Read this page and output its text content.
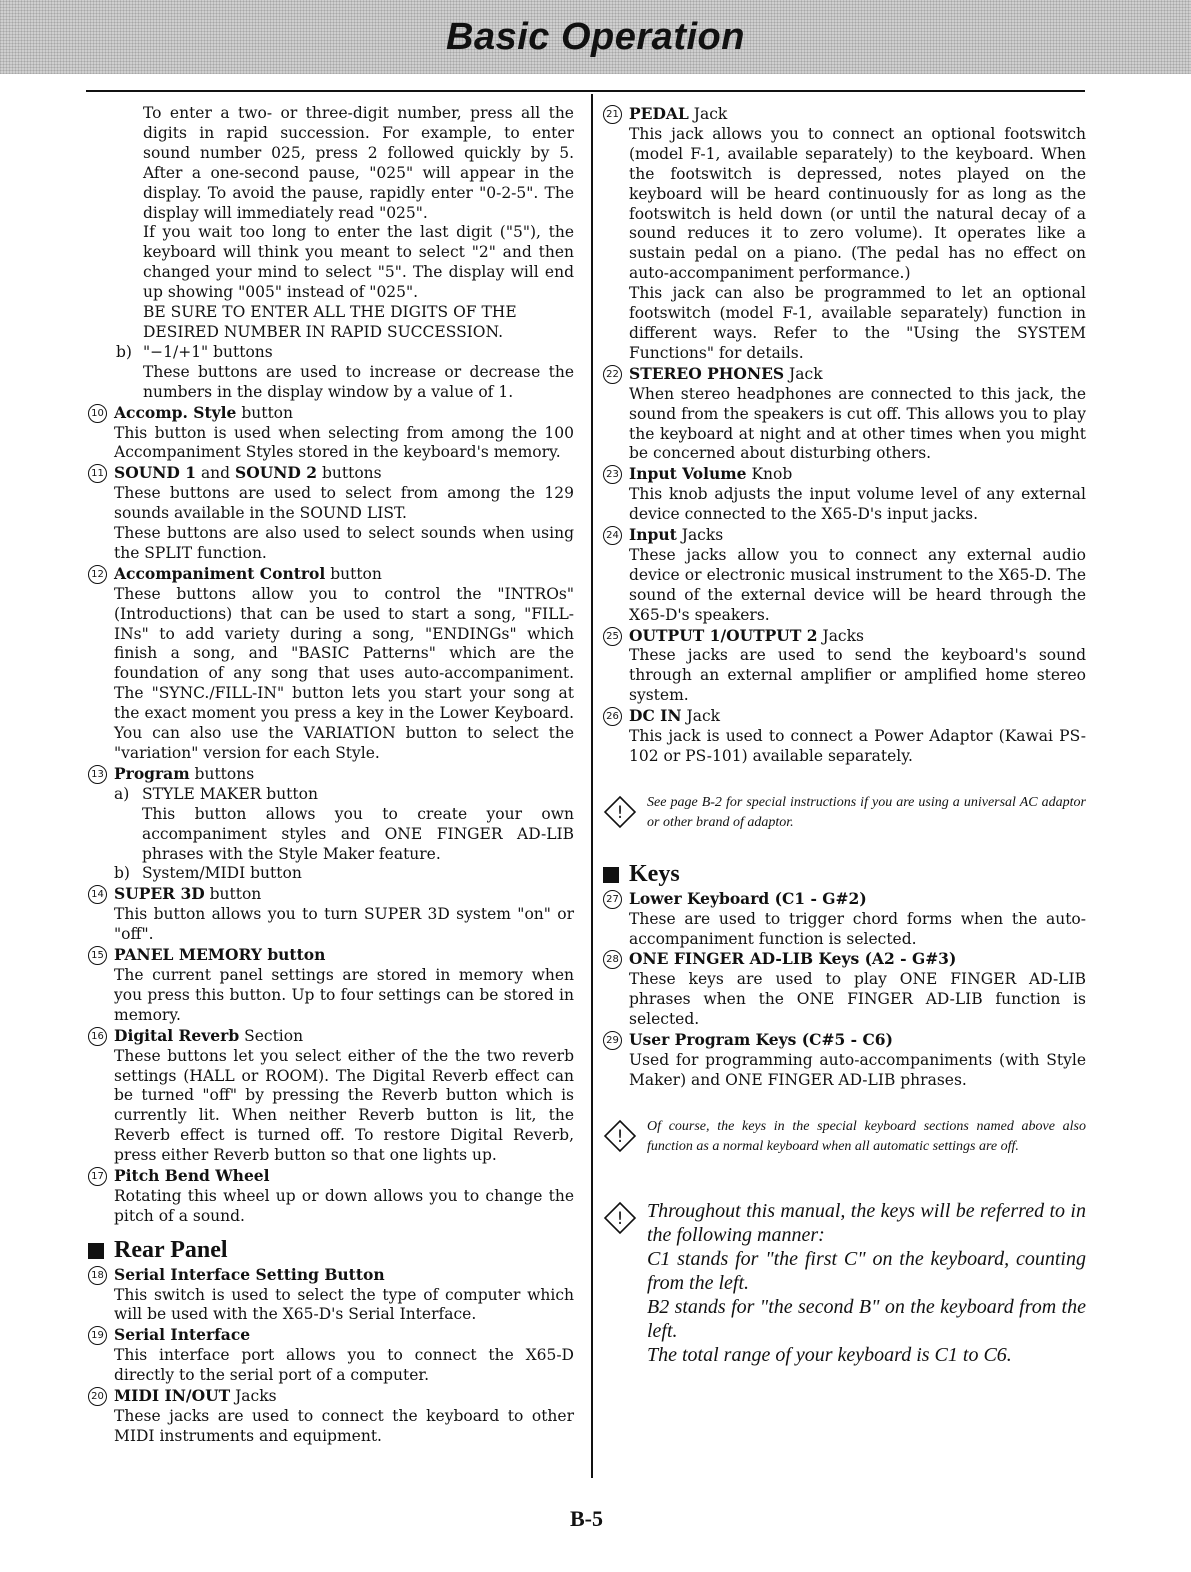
Basic Operation

To enter a two- or three-digit number, press all the digits in rapid succession. For example, to enter sound number 025, press 2 followed quickly by 5. After a one-second pause, "025" will appear in the display. To avoid the pause, rapidly enter "0-2-5". The display will immediately read "025".

If you wait too long to enter the last digit ("5"), the keyboard will think you meant to select "2" and then changed your mind to select "5". The display will end up showing "005" instead of "025".

BE SURE TO ENTER ALL THE DIGITS OF THE DESIRED NUMBER IN RAPID SUCCESSION.

b) "−1/+1" buttons

These buttons are used to increase or decrease the numbers in the display window by a value of 1.

10 Accomp. Style button

This button is used when selecting from among the 100 Accompaniment Styles stored in the keyboard's memory.

11 SOUND 1 and SOUND 2 buttons

These buttons are used to select from among the 129 sounds available in the SOUND LIST.

These buttons are also used to select sounds when using the SPLIT function.

12 Accompaniment Control button

These buttons allow you to control the "INTROs" (Introductions) that can be used to start a song, "FILL-INs" to add variety during a song, "ENDINGs" which finish a song, and "BASIC Patterns" which are the foundation of any song that uses auto-accompaniment. The "SYNC./FILL-IN" button lets you start your song at the exact moment you press a key in the Lower Keyboard. You can also use the VARIATION button to select the "variation" version for each Style.

13 Program buttons
a) STYLE MAKER button

This button allows you to create your own accompaniment styles and ONE FINGER AD-LIB phrases with the Style Maker feature.

b) System/MIDI button
14 SUPER 3D button

This button allows you to turn SUPER 3D system "on" or "off".

15 PANEL MEMORY button

The current panel settings are stored in memory when you press this button. Up to four settings can be stored in memory.

16 Digital Reverb Section

These buttons let you select either of the the two reverb settings (HALL or ROOM). The Digital Reverb effect can be turned "off" by pressing the Reverb button which is currently lit. When neither Reverb button is lit, the Reverb effect is turned off. To restore Digital Reverb, press either Reverb button so that one lights up.

17 Pitch Bend Wheel

Rotating this wheel up or down allows you to change the pitch of a sound.

Rear Panel
18 Serial Interface Setting Button

This switch is used to select the type of computer which will be used with the X65-D's Serial Interface.

19 Serial Interface

This interface port allows you to connect the X65-D directly to the serial port of a computer.

20 MIDI IN/OUT Jacks

These jacks are used to connect the keyboard to other MIDI instruments and equipment.

21 PEDAL Jack

This jack allows you to connect an optional footswitch (model F-1, available separately) to the keyboard. When the footswitch is depressed, notes played on the keyboard will be heard continuously for as long as the footswitch is held down (or until the natural decay of a sound reduces it to zero volume). It operates like a sustain pedal on a piano. (The pedal has no effect on auto-accompaniment performance.)

This jack can also be programmed to let an optional footswitch (model F-1, available separately) function in different ways. Refer to the "Using the SYSTEM Functions" for details.

22 STEREO PHONES Jack

When stereo headphones are connected to this jack, the sound from the speakers is cut off. This allows you to play the keyboard at night and at other times when you might be concerned about disturbing others.

23 Input Volume Knob

This knob adjusts the input volume level of any external device connected to the X65-D's input jacks.

24 Input Jacks

These jacks allow you to connect any external audio device or electronic musical instrument to the X65-D. The sound of the external device will be heard through the X65-D's speakers.

25 OUTPUT 1/OUTPUT 2 Jacks

These jacks are used to send the keyboard's sound through an external amplifier or amplified home stereo system.

26 DC IN Jack

This jack is used to connect a Power Adaptor (Kawai PS-102 or PS-101) available separately.

!

See page B-2 for special instructions if you are using a universal AC adaptor or other brand of adaptor.

Keys
27 Lower Keyboard (C1 - G#2)

These are used to trigger chord forms when the auto-accompaniment function is selected.

28 ONE FINGER AD-LIB Keys (A2 - G#3)

These keys are used to play ONE FINGER AD-LIB phrases when the ONE FINGER AD-LIB function is selected.

29 User Program Keys (C#5 - C6)

Used for programming auto-accompaniments (with Style Maker) and ONE FINGER AD-LIB phrases.

!

Of course, the keys in the special keyboard sections named above also function as a normal keyboard when all automatic settings are off.

! Throughout this manual, the keys will be referred to in the following manner:

C1 stands for "the first C" on the keyboard, counting from the left.

B2 stands for "the second B" on the keyboard from the left.

The total range of your keyboard is C1 to C6.

B-5
